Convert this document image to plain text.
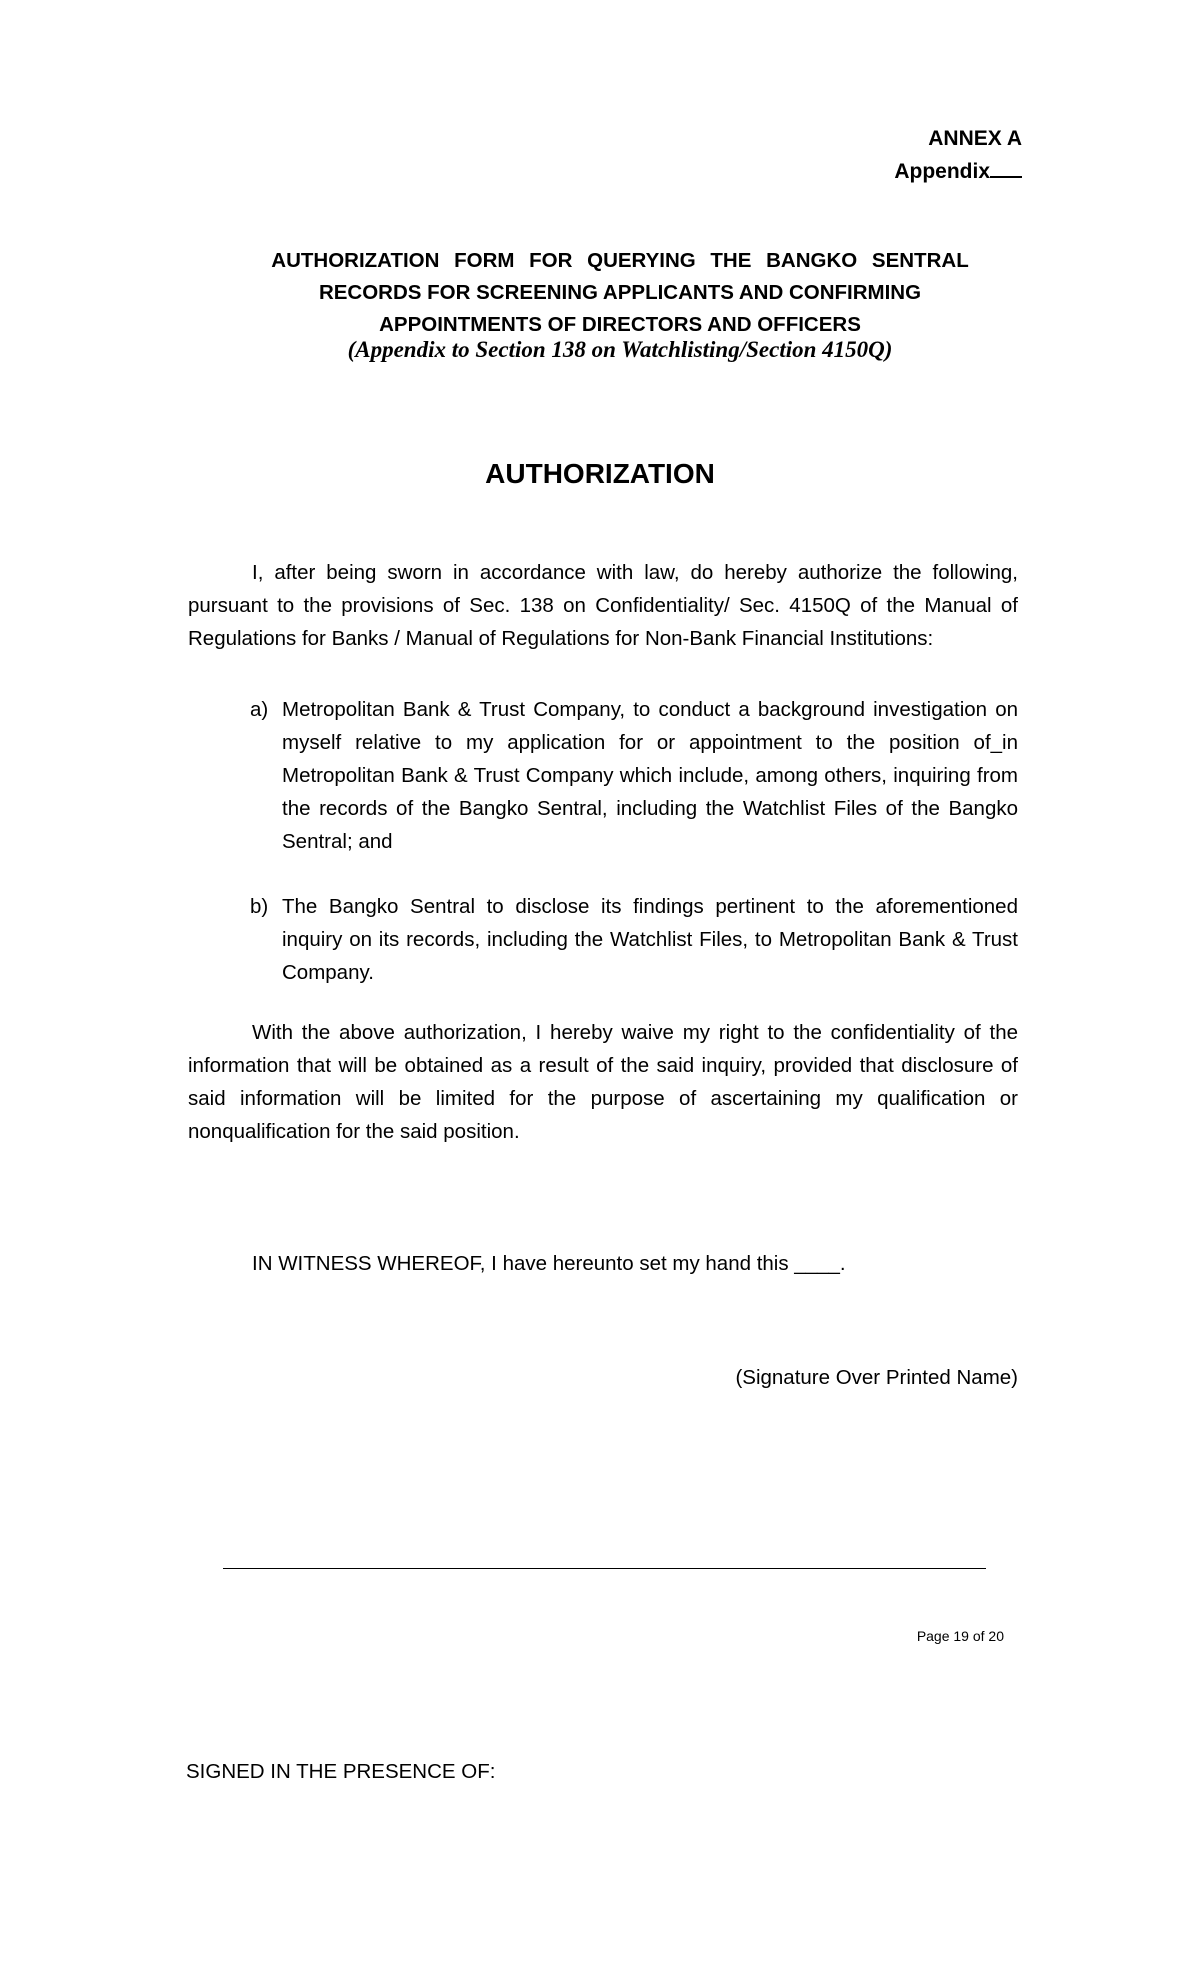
ANNEX A
Appendix
AUTHORIZATION FORM FOR QUERYING THE BANGKO SENTRAL
RECORDS FOR SCREENING APPLICANTS AND CONFIRMING
APPOINTMENTS OF DIRECTORS AND OFFICERS
(Appendix to Section 138 on Watchlisting/Section 4150Q)
AUTHORIZATION
I, after being sworn in accordance with law, do hereby authorize the following, pursuant to the provisions of Sec. 138 on Confidentiality/ Sec. 4150Q of the Manual of Regulations for Banks / Manual of Regulations for Non-Bank Financial Institutions:
a) Metropolitan Bank & Trust Company, to conduct a background investigation on myself relative to my application for or appointment to the position of_in Metropolitan Bank & Trust Company which include, among others, inquiring from the records of the Bangko Sentral, including the Watchlist Files of the Bangko Sentral; and
b) The Bangko Sentral to disclose its findings pertinent to the aforementioned inquiry on its records, including the Watchlist Files, to Metropolitan Bank & Trust Company.
With the above authorization, I hereby waive my right to the confidentiality of the information that will be obtained as a result of the said inquiry, provided that disclosure of said information will be limited for the purpose of ascertaining my qualification or nonqualification for the said position.
IN WITNESS WHEREOF, I have hereunto set my hand this ____.
(Signature Over Printed Name)
Page 19 of 20
SIGNED IN THE PRESENCE OF:
